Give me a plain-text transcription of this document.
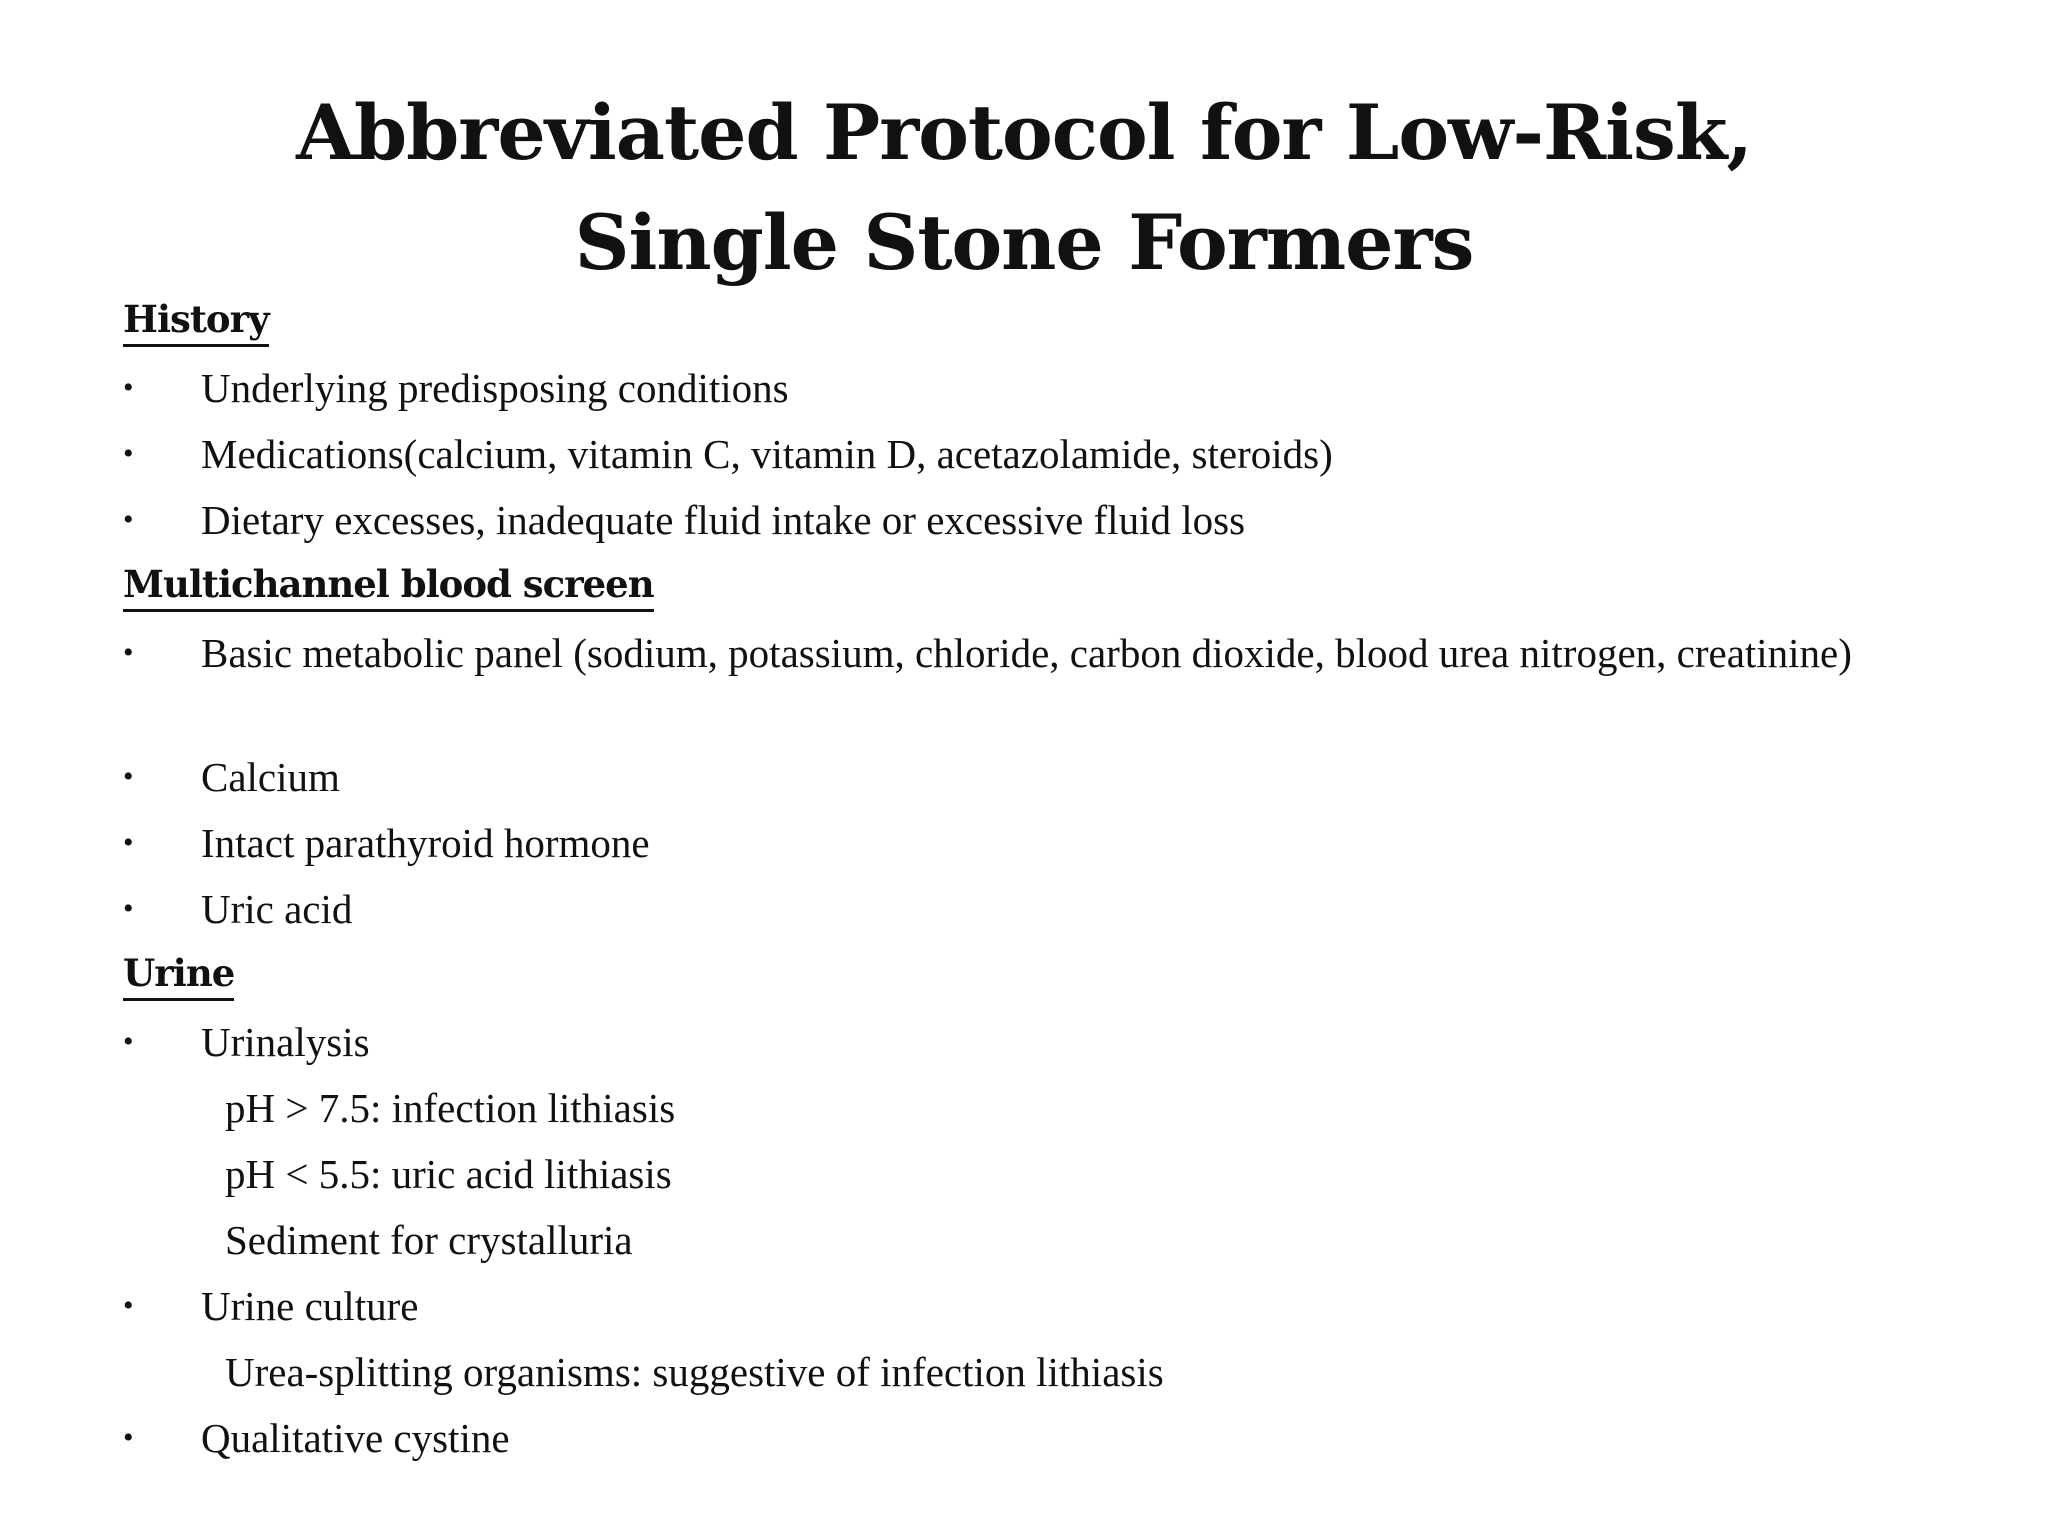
Abbreviated Protocol for Low-Risk,
Single Stone Formers
History
• Underlying predisposing conditions
• Medications(calcium, vitamin C, vitamin D, acetazolamide, steroids)
• Dietary excesses, inadequate fluid intake or excessive fluid loss
Multichannel blood screen
• Basic metabolic panel (sodium, potassium, chloride, carbon dioxide, blood urea nitrogen, creatinine)
• Calcium
• Intact parathyroid hormone
• Uric acid
Urine
• Urinalysis
pH > 7.5: infection lithiasis
pH < 5.5: uric acid lithiasis
Sediment for crystalluria
• Urine culture
Urea-splitting organisms: suggestive of infection lithiasis
• Qualitative cystine
